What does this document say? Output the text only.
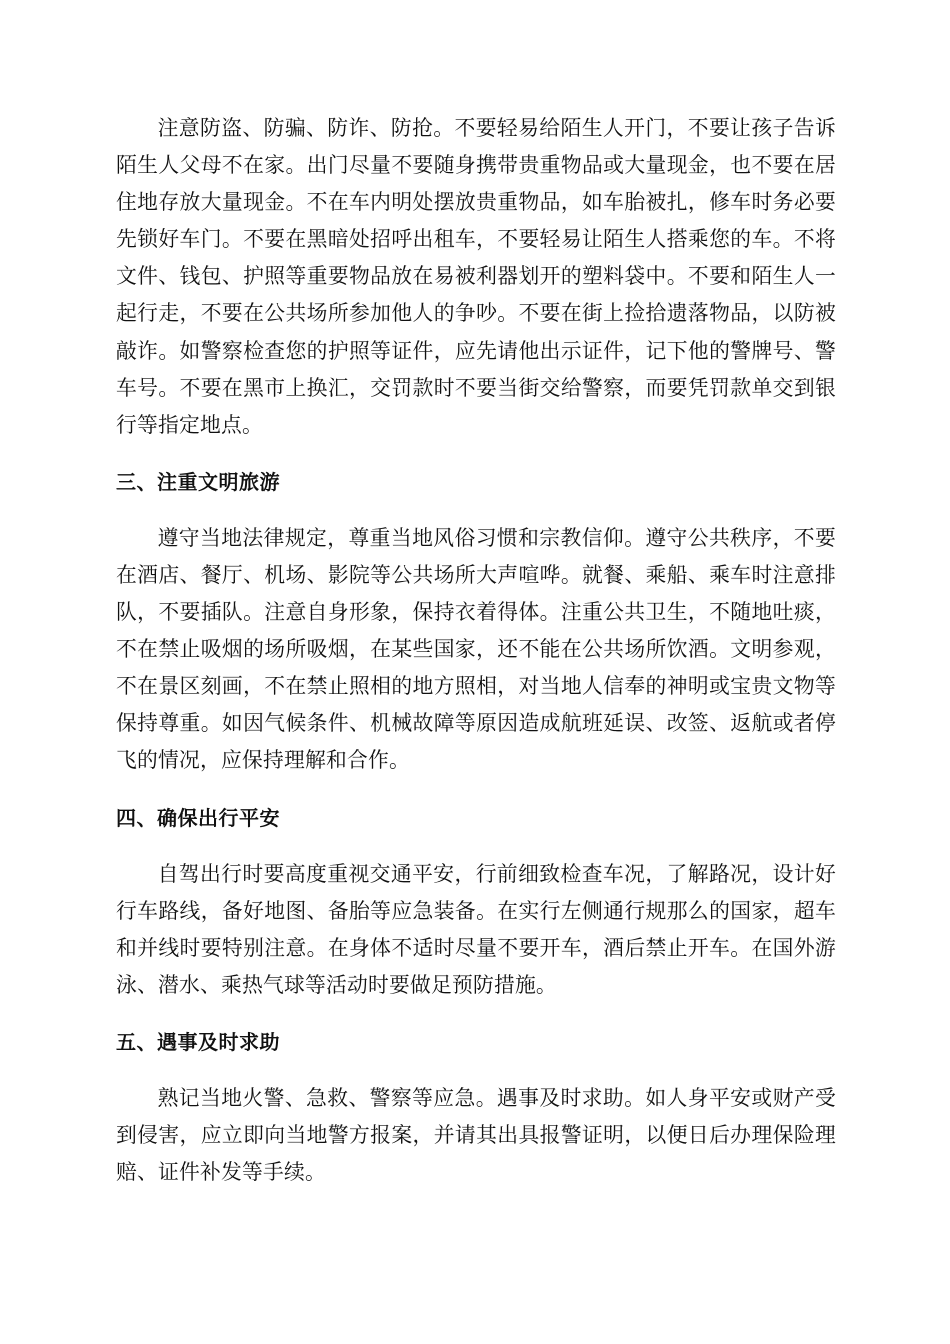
注意防盗、防骗、防诈、防抢。不要轻易给陌生人开门，不要让孩子告诉陌生人父母不在家。出门尽量不要随身携带贵重物品或大量现金，也不要在居住地存放大量现金。不在车内明处摆放贵重物品，如车胎被扎，修车时务必要先锁好车门。不要在黑暗处招呼出租车，不要轻易让陌生人搭乘您的车。不将文件、钱包、护照等重要物品放在易被利器划开的塑料袋中。不要和陌生人一起行走，不要在公共场所参加他人的争吵。不要在街上捡拾遗落物品，以防被敲诈。如警察检查您的护照等证件，应先请他出示证件，记下他的警牌号、警车号。不要在黑市上换汇，交罚款时不要当街交给警察，而要凭罚款单交到银行等指定地点。

三、注重文明旅游

遵守当地法律规定，尊重当地风俗习惯和宗教信仰。遵守公共秩序，不要在酒店、餐厅、机场、影院等公共场所大声喧哗。就餐、乘船、乘车时注意排队，不要插队。注意自身形象，保持衣着得体。注重公共卫生，不随地吐痰，不在禁止吸烟的场所吸烟，在某些国家，还不能在公共场所饮酒。文明参观，不在景区刻画，不在禁止照相的地方照相，对当地人信奉的神明或宝贵文物等保持尊重。如因气候条件、机械故障等原因造成航班延误、改签、返航或者停飞的情况，应保持理解和合作。

四、确保出行平安

自驾出行时要高度重视交通平安，行前细致检查车况，了解路况，设计好行车路线，备好地图、备胎等应急装备。在实行左侧通行规那么的国家，超车和并线时要特别注意。在身体不适时尽量不要开车，酒后禁止开车。在国外游泳、潜水、乘热气球等活动时要做足预防措施。

五、遇事及时求助

熟记当地火警、急救、警察等应急。遇事及时求助。如人身平安或财产受到侵害，应立即向当地警方报案，并请其出具报警证明，以便日后办理保险理赔、证件补发等手续。
